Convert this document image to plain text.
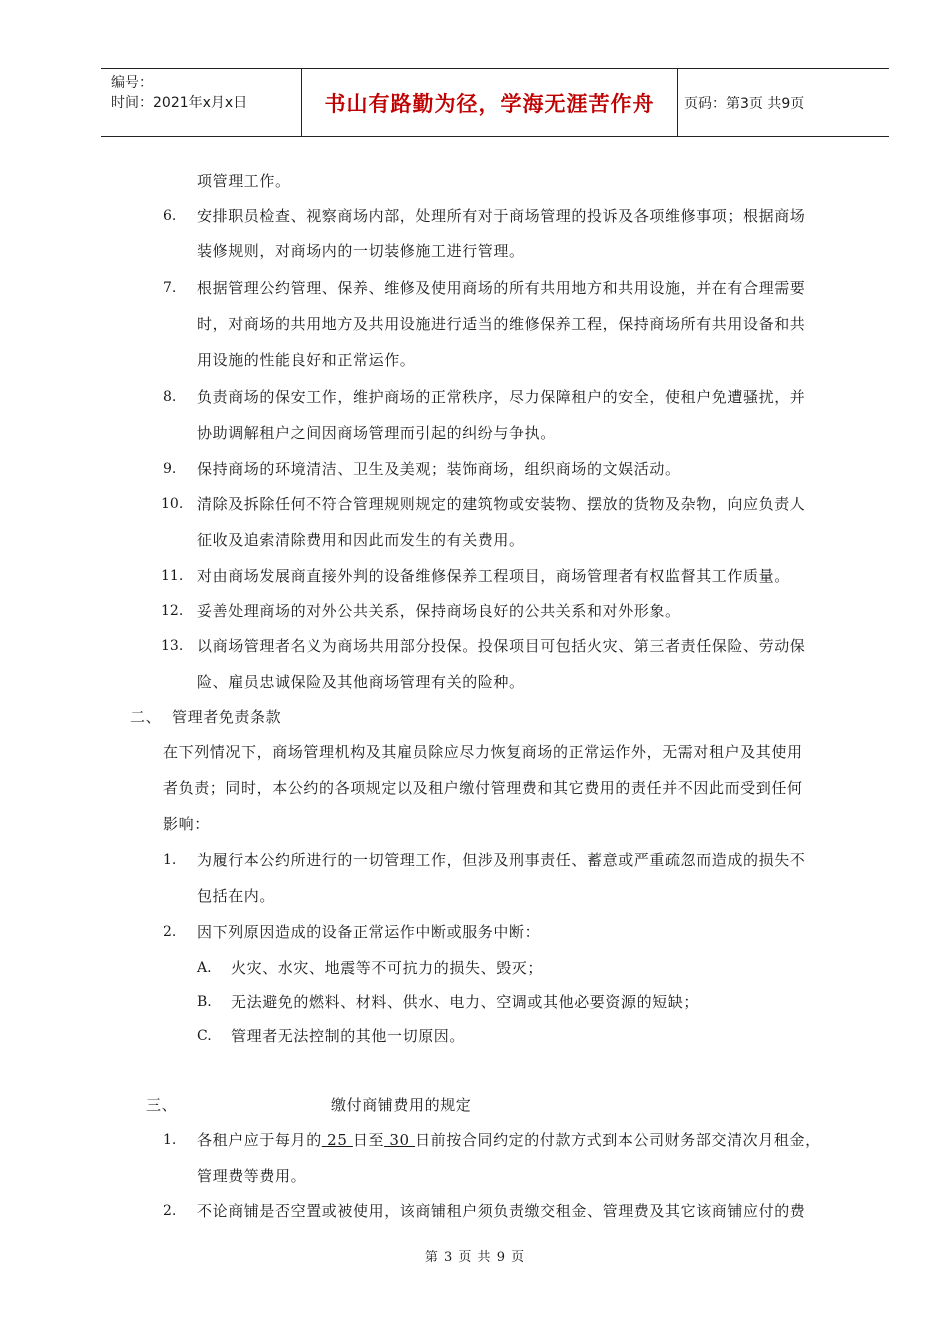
编号：
时间：2021年x月x日	书山有路勤为径，学海无涯苦作舟 页码：第3页 共9页
项管理工作。
6. 安排职员检查、视察商场内部，处理所有对于商场管理的投诉及各项维修事项；根据商场
装修规则，对商场内的一切装修施工进行管理。
7. 根据管理公约管理、保养、维修及使用商场的所有共用地方和共用设施，并在有合理需要
时，对商场的共用地方及共用设施进行适当的维修保养工程，保持商场所有共用设备和共
用设施的性能良好和正常运作。
8. 负责商场的保安工作，维护商场的正常秩序，尽力保障租户的安全，使租户免遭骚扰，并
协助调解租户之间因商场管理而引起的纠纷与争执。
9. 保持商场的环境清洁、卫生及美观；装饰商场，组织商场的文娱活动。
10. 清除及拆除任何不符合管理规则规定的建筑物或安装物、摆放的货物及杂物，向应负责人
征收及追索清除费用和因此而发生的有关费用。
11. 对由商场发展商直接外判的设备维修保养工程项目，商场管理者有权监督其工作质量。
12. 妥善处理商场的对外公共关系，保持商场良好的公共关系和对外形象。
13. 以商场管理者名义为商场共用部分投保。投保项目可包括火灾、第三者责任保险、劳动保
险、雇员忠诚保险及其他商场管理有关的险种。
二、 管理者免责条款
在下列情况下，商场管理机构及其雇员除应尽力恢复商场的正常运作外，无需对租户及其使用
者负责；同时，本公约的各项规定以及租户缴付管理费和其它费用的责任并不因此而受到任何
影响：
1. 为履行本公约所进行的一切管理工作，但涉及刑事责任、蓄意或严重疏忽而造成的损失不
包括在内。
2. 因下列原因造成的设备正常运作中断或服务中断：
A. 火灾、水灾、地震等不可抗力的损失、毁灭；
B. 无法避免的燃料、材料、供水、电力、空调或其他必要资源的短缺；
C. 管理者无法控制的其他一切原因。
三、	缴付商铺费用的规定
1. 各租户应于每月的 25 日至 30 日前按合同约定的付款方式到本公司财务部交清次月租金，
管理费等费用。
2. 不论商铺是否空置或被使用，该商铺租户须负责缴交租金、管理费及其它该商铺应付的费
第 3 页 共 9 页
